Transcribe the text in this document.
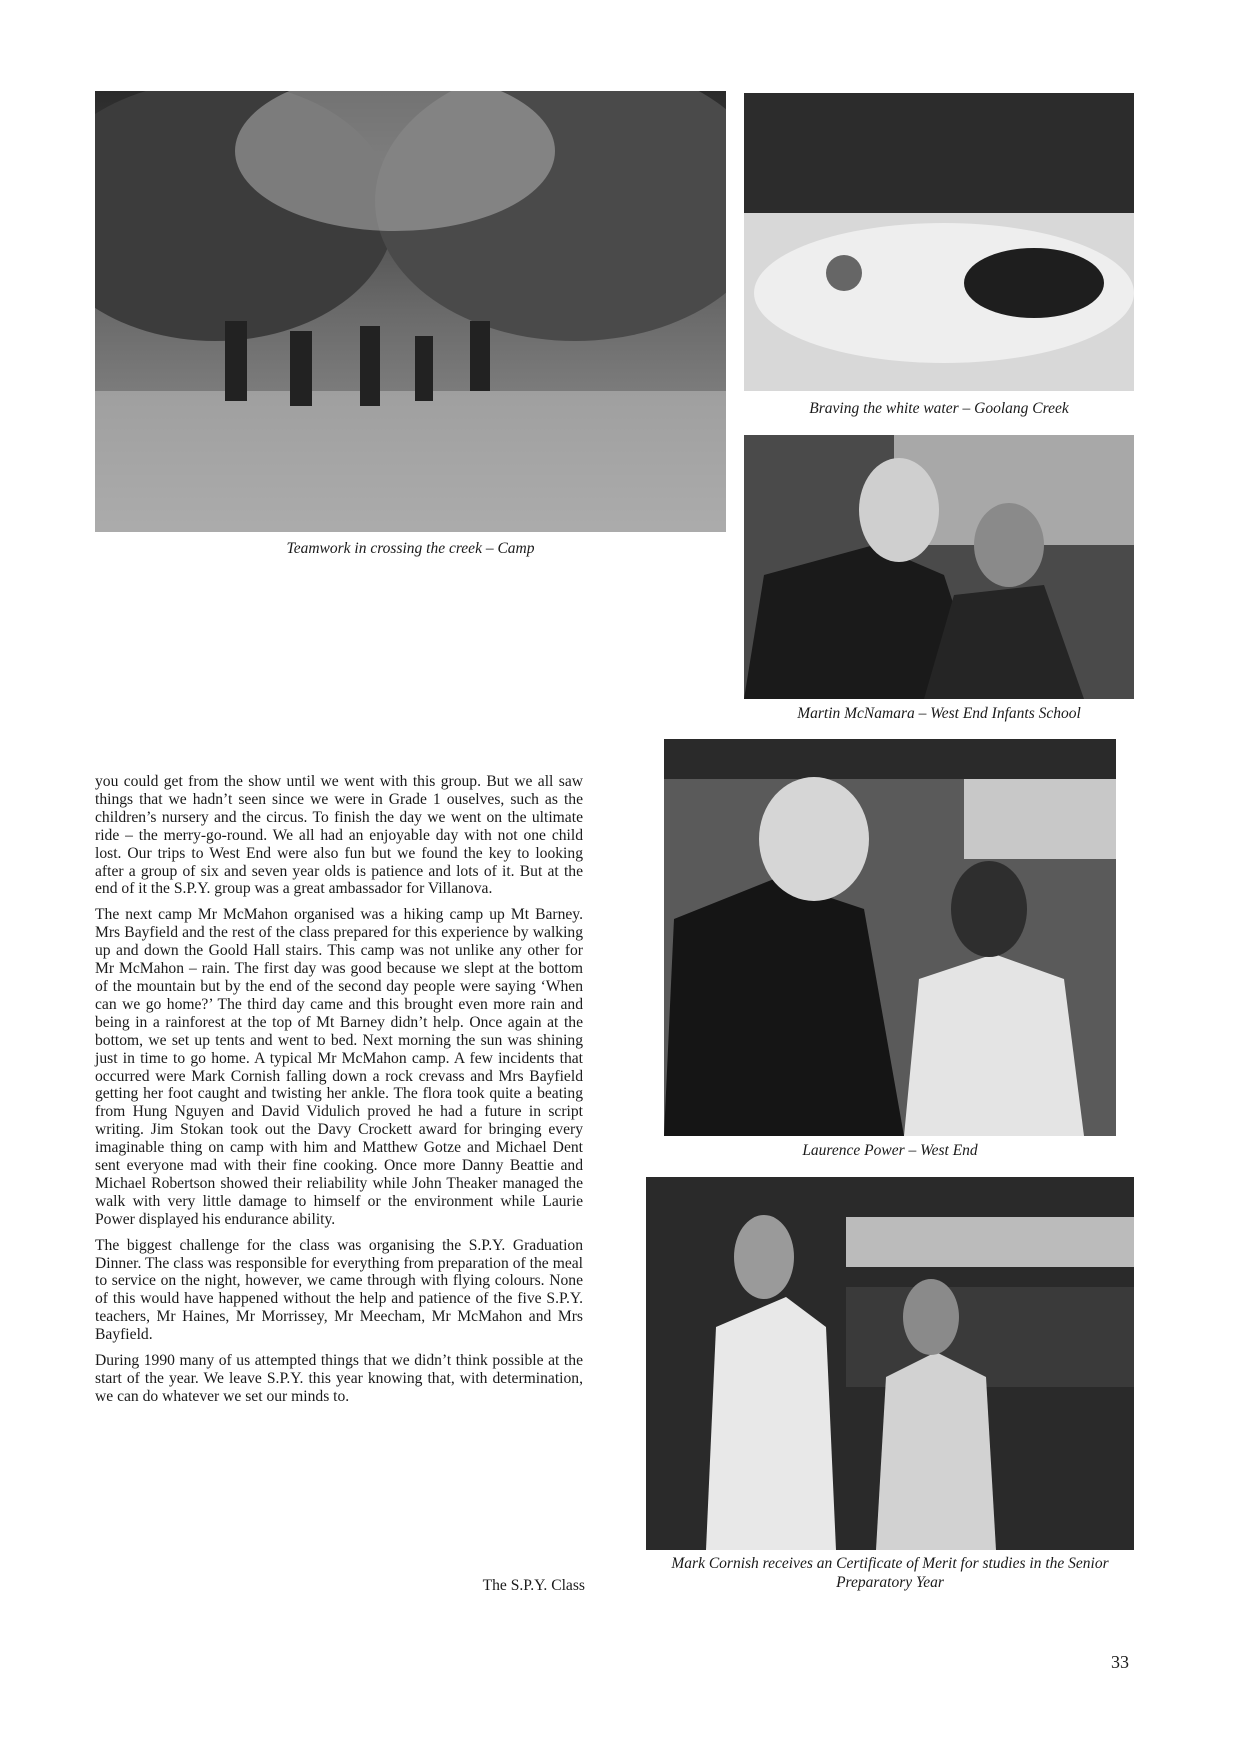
Teamwork in crossing the creek – Camp
Braving the white water – Goolang Creek
Martin McNamara – West End Infants School

you could get from the show until we went with this group. But we all saw things that we hadn’t seen since we were in Grade 1 ouselves, such as the children’s nursery and the circus. To finish the day we went on the ultimate ride – the merry-go-round. We all had an enjoyable day with not one child lost. Our trips to West End were also fun but we found the key to looking after a group of six and seven year olds is patience and lots of it. But at the end of it the S.P.Y. group was a great ambassador for Villanova.

The next camp Mr McMahon organised was a hiking camp up Mt Barney. Mrs Bayfield and the rest of the class prepared for this experience by walking up and down the Goold Hall stairs. This camp was not unlike any other for Mr McMahon – rain. The first day was good because we slept at the bottom of the mountain but by the end of the second day people were saying ‘When can we go home?’ The third day came and this brought even more rain and being in a rainforest at the top of Mt Barney didn’t help. Once again at the bottom, we set up tents and went to bed. Next morning the sun was shining just in time to go home. A typical Mr McMahon camp. A few incidents that occurred were Mark Cornish falling down a rock crevass and Mrs Bayfield getting her foot caught and twisting her ankle. The flora took quite a beating from Hung Nguyen and David Vidulich proved he had a future in script writing. Jim Stokan took out the Davy Crockett award for bringing every imaginable thing on camp with him and Matthew Gotze and Michael Dent sent everyone mad with their fine cooking. Once more Danny Beattie and Michael Robertson showed their reliability while John Theaker managed the walk with very little damage to himself or the environment while Laurie Power displayed his endurance ability.

The biggest challenge for the class was organising the S.P.Y. Graduation Dinner. The class was responsible for everything from preparation of the meal to service on the night, however, we came through with flying colours. None of this would have happened without the help and patience of the five S.P.Y. teachers, Mr Haines, Mr Morrissey, Mr Meecham, Mr McMahon and Mrs Bayfield.

During 1990 many of us attempted things that we didn’t think possible at the start of the year. We leave S.P.Y. this year knowing that, with determination, we can do whatever we set our minds to.

The S.P.Y. Class
Laurence Power – West End
Mark Cornish receives an Certificate of Merit for studies in the Senior Preparatory Year
33
